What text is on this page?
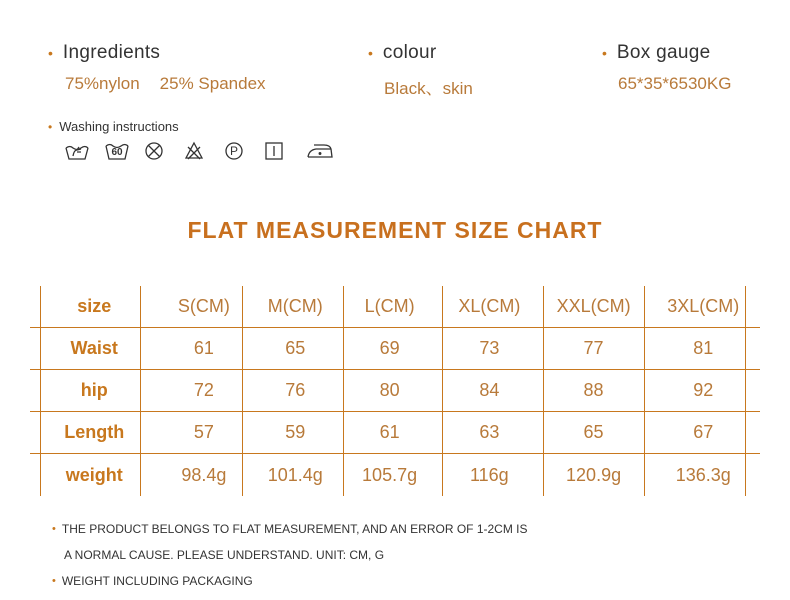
• Ingredients
75%nylon 25% Spandex
• colour
Black、skin
• Box gauge
65*35*6530KG
• Washing instructions
60	P
FLAT MEASUREMENT SIZE CHART
size	S(CM)	M(CM)	L(CM)	XL(CM)	XXL(CM)	3XL(CM)
Waist	61	65	69	73	77	81
hip	72	76	80	84	88	92
Length	57	59	61	63	65	67
weight	98.4g	101.4g	105.7g	116g	120.9g	136.3g
• THE PRODUCT BELONGS TO FLAT MEASUREMENT, AND AN ERROR OF 1-2CM IS
A NORMAL CAUSE. PLEASE UNDERSTAND. UNIT: CM, G
• WEIGHT INCLUDING PACKAGING
